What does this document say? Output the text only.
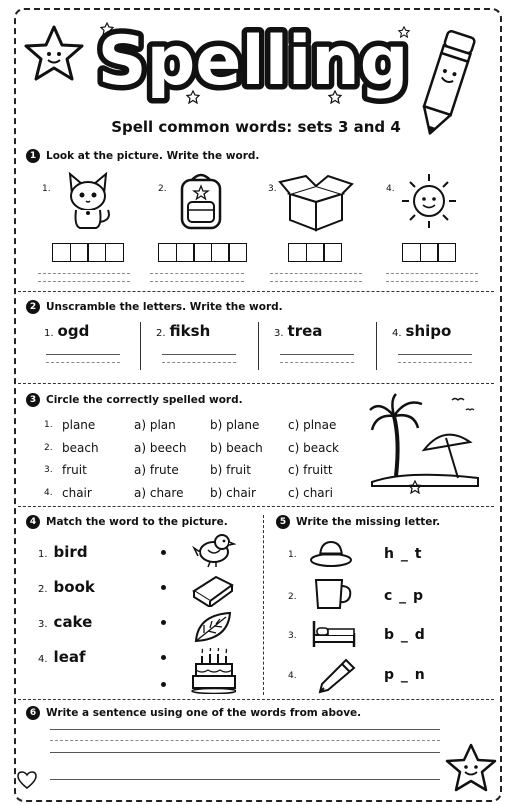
Spelling
Spell common words: sets 3 and 4
1 Look at the picture. Write the word.
1.	2.	3.	4.
2 Unscramble the letters. Write the word.
1. ogd	2. fiksh	3. trea	4. shipo
3 Circle the correctly spelled word.
1. plane	a) plan	b) plane c) plnae
2. beach	a) beech b) beach c) beack
3. fruit	a) frute	b) fruit	c) fruitt
4. chair	a) chare b) chair	c) chari
4 Match the word to the picture.
1. bird
2. book
3. cake
4. leaf
5 Write the missing letter.
1.	h _ t
2.	c _ p
3.	b _ d
4.	p _ n
6 Write a sentence using one of the words from above.
